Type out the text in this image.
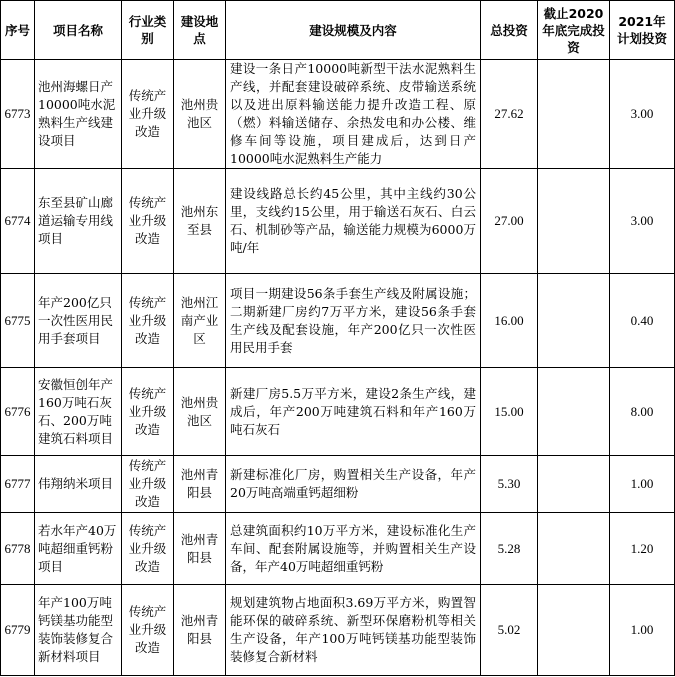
序号	项目名称	行业类别	建设地点	建设规模及内容	总投资	截止2020年底完成投资	2021年计划投资
6773	池州海螺日产10000吨水泥熟料生产线建设项目	传统产业升级改造	池州贵池区	建设一条日产10000吨新型干法水泥熟料生产线，并配套建设破碎系统、皮带输送系统以及进出原料输送能力提升改造工程、原（燃）料输送储存、余热发电和办公楼、维修车间等设施，项目建成后，达到日产10000吨水泥熟料生产能力	27.62		3.00
6774	东至县矿山廊道运输专用线项目	传统产业升级改造	池州东至县	建设线路总长约45公里，其中主线约30公里，支线约15公里，用于输送石灰石、白云石、机制砂等产品，输送能力规模为6000万吨/年	27.00		3.00
6775	年产200亿只一次性医用民用手套项目	传统产业升级改造	池州江南产业区	项目一期建设56条手套生产线及附属设施；二期新建厂房约7万平方米，建设56条手套生产线及配套设施，年产200亿只一次性医用民用手套	16.00		0.40
6776	安徽恒创年产160万吨石灰石、200万吨建筑石料项目	传统产业升级改造	池州贵池区	新建厂房5.5万平方米，建设2条生产线，建成后，年产200万吨建筑石料和年产160万吨石灰石	15.00		8.00
6777	伟翔纳米项目	传统产业升级改造	池州青阳县	新建标准化厂房，购置相关生产设备，年产20万吨高端重钙超细粉	5.30		1.00
6778	若水年产40万吨超细重钙粉项目	传统产业升级改造	池州青阳县	总建筑面积约10万平方米，建设标准化生产车间、配套附属设施等，并购置相关生产设备，年产40万吨超细重钙粉	5.28		1.20
6779	年产100万吨钙镁基功能型装饰装修复合新材料项目	传统产业升级改造	池州青阳县	规划建筑物占地面积3.69万平方米，购置智能环保的破碎系统、新型环保磨粉机等相关生产设备，年产100万吨钙镁基功能型装饰装修复合新材料	5.02		1.00
